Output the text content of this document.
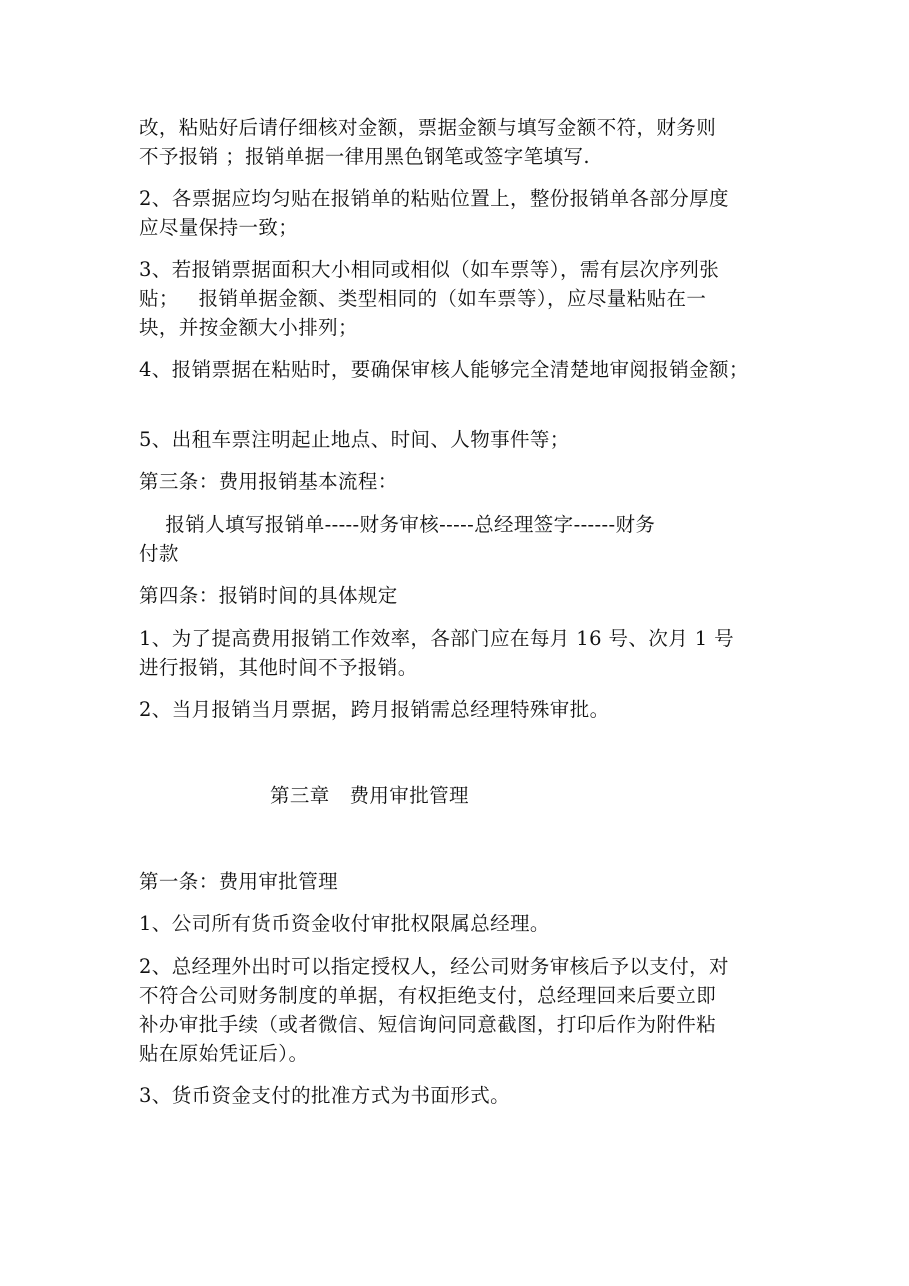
改，粘贴好后请仔细核对金额，票据金额与填写金额不符，财务则

不予报销 ；报销单据一律用黑色钢笔或签字笔填写.

2、各票据应均匀贴在报销单的粘贴位置上，整份报销单各部分厚度

应尽量保持一致；

3、若报销票据面积大小相同或相似（如车票等），需有层次序列张

贴；   报销单据金额、类型相同的（如车票等），应尽量粘贴在一

块，并按金额大小排列；

4、报销票据在粘贴时，要确保审核人能够完全清楚地审阅报销金额；

5、出租车票注明起止地点、时间、人物事件等；

第三条：费用报销基本流程：

报销人填写报销单-----财务审核-----总经理签字------财务

付款

第四条：报销时间的具体规定

1、为了提高费用报销工作效率，各部门应在每月 16 号、次月 1 号

进行报销，其他时间不予报销。

2、当月报销当月票据，跨月报销需总经理特殊审批。

第三章   费用审批管理

第一条：费用审批管理

1、公司所有货币资金收付审批权限属总经理。

2、总经理外出时可以指定授权人，经公司财务审核后予以支付，对

不符合公司财务制度的单据，有权拒绝支付，总经理回来后要立即

补办审批手续（或者微信、短信询问同意截图，打印后作为附件粘

贴在原始凭证后）。

3、货币资金支付的批准方式为书面形式。
